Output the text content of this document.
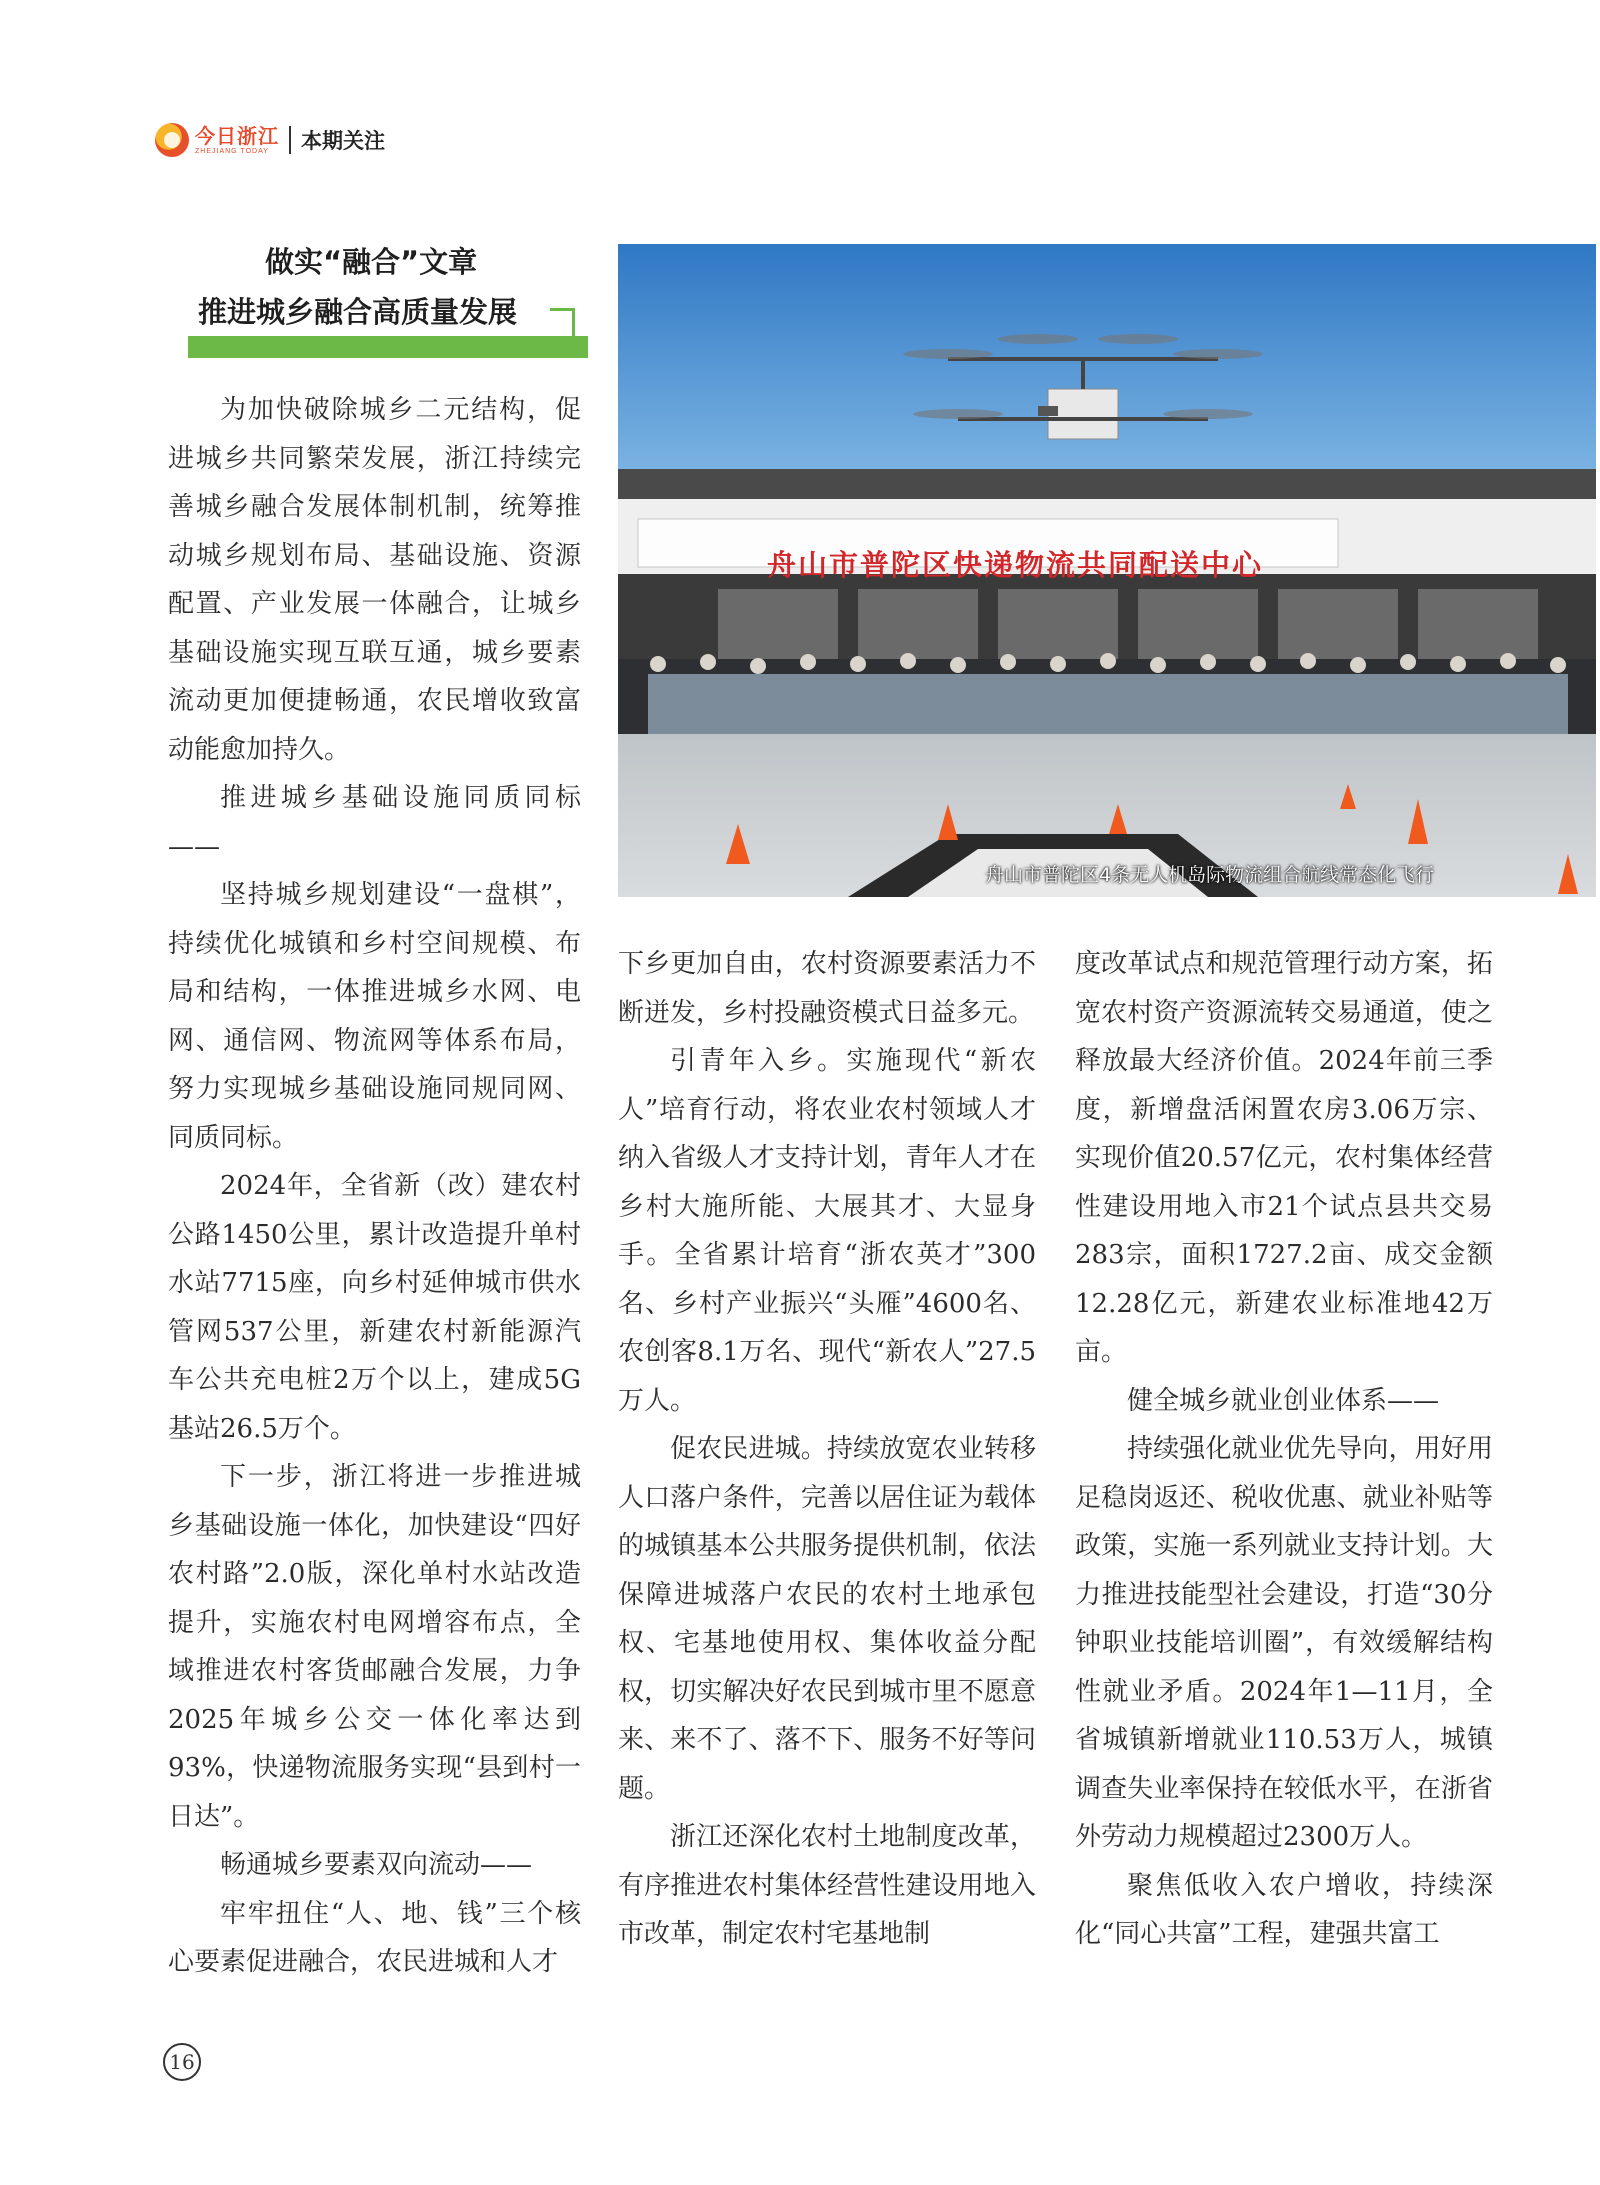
今日浙江
ZHEJIANG TODAY	本期关注
做实“融合”文章
推进城乡融合高质量发展

为加快破除城乡二元结构，促进城乡共同繁荣发展，浙江持续完善城乡融合发展体制机制，统筹推动城乡规划布局、基础设施、资源配置、产业发展一体融合，让城乡基础设施实现互联互通，城乡要素流动更加便捷畅通，农民增收致富动能愈加持久。

推进城乡基础设施同质同标——

坚持城乡规划建设“一盘棋”，持续优化城镇和乡村空间规模、布局和结构，一体推进城乡水网、电网、通信网、物流网等体系布局，努力实现城乡基础设施同规同网、同质同标。

2024年，全省新（改）建农村公路1450公里，累计改造提升单村水站7715座，向乡村延伸城市供水管网537公里，新建农村新能源汽车公共充电桩2万个以上，建成5G基站26.5万个。

下一步，浙江将进一步推进城乡基础设施一体化，加快建设“四好农村路”2.0版，深化单村水站改造提升，实施农村电网增容布点，全域推进农村客货邮融合发展，力争2025年城乡公交一体化率达到93%，快递物流服务实现“县到村一日达”。

畅通城乡要素双向流动——

牢牢扭住“人、地、钱”三个核心要素促进融合，农民进城和人才

舟山市普陀区快递物流共同配送中心
舟山市普陀区4条无人机岛际物流组合航线常态化飞行

下乡更加自由，农村资源要素活力不断迸发，乡村投融资模式日益多元。

引青年入乡。实施现代“新农人”培育行动，将农业农村领域人才纳入省级人才支持计划，青年人才在乡村大施所能、大展其才、大显身手。全省累计培育“浙农英才”300名、乡村产业振兴“头雁”4600名、农创客8.1万名、现代“新农人”27.5万人。

促农民进城。持续放宽农业转移人口落户条件，完善以居住证为载体的城镇基本公共服务提供机制，依法保障进城落户农民的农村土地承包权、宅基地使用权、集体收益分配权，切实解决好农民到城市里不愿意来、来不了、落不下、服务不好等问题。

浙江还深化农村土地制度改革，有序推进农村集体经营性建设用地入市改革，制定农村宅基地制

度改革试点和规范管理行动方案，拓宽农村资产资源流转交易通道，使之释放最大经济价值。2024年前三季度，新增盘活闲置农房3.06万宗、实现价值20.57亿元，农村集体经营性建设用地入市21个试点县共交易283宗，面积1727.2亩、成交金额12.28亿元，新建农业标准地42万亩。

健全城乡就业创业体系——

持续强化就业优先导向，用好用足稳岗返还、税收优惠、就业补贴等政策，实施一系列就业支持计划。大力推进技能型社会建设，打造“30分钟职业技能培训圈”，有效缓解结构性就业矛盾。2024年1—11月，全省城镇新增就业110.53万人，城镇调查失业率保持在较低水平，在浙省外劳动力规模超过2300万人。

聚焦低收入农户增收，持续深化“同心共富”工程，建强共富工

16
